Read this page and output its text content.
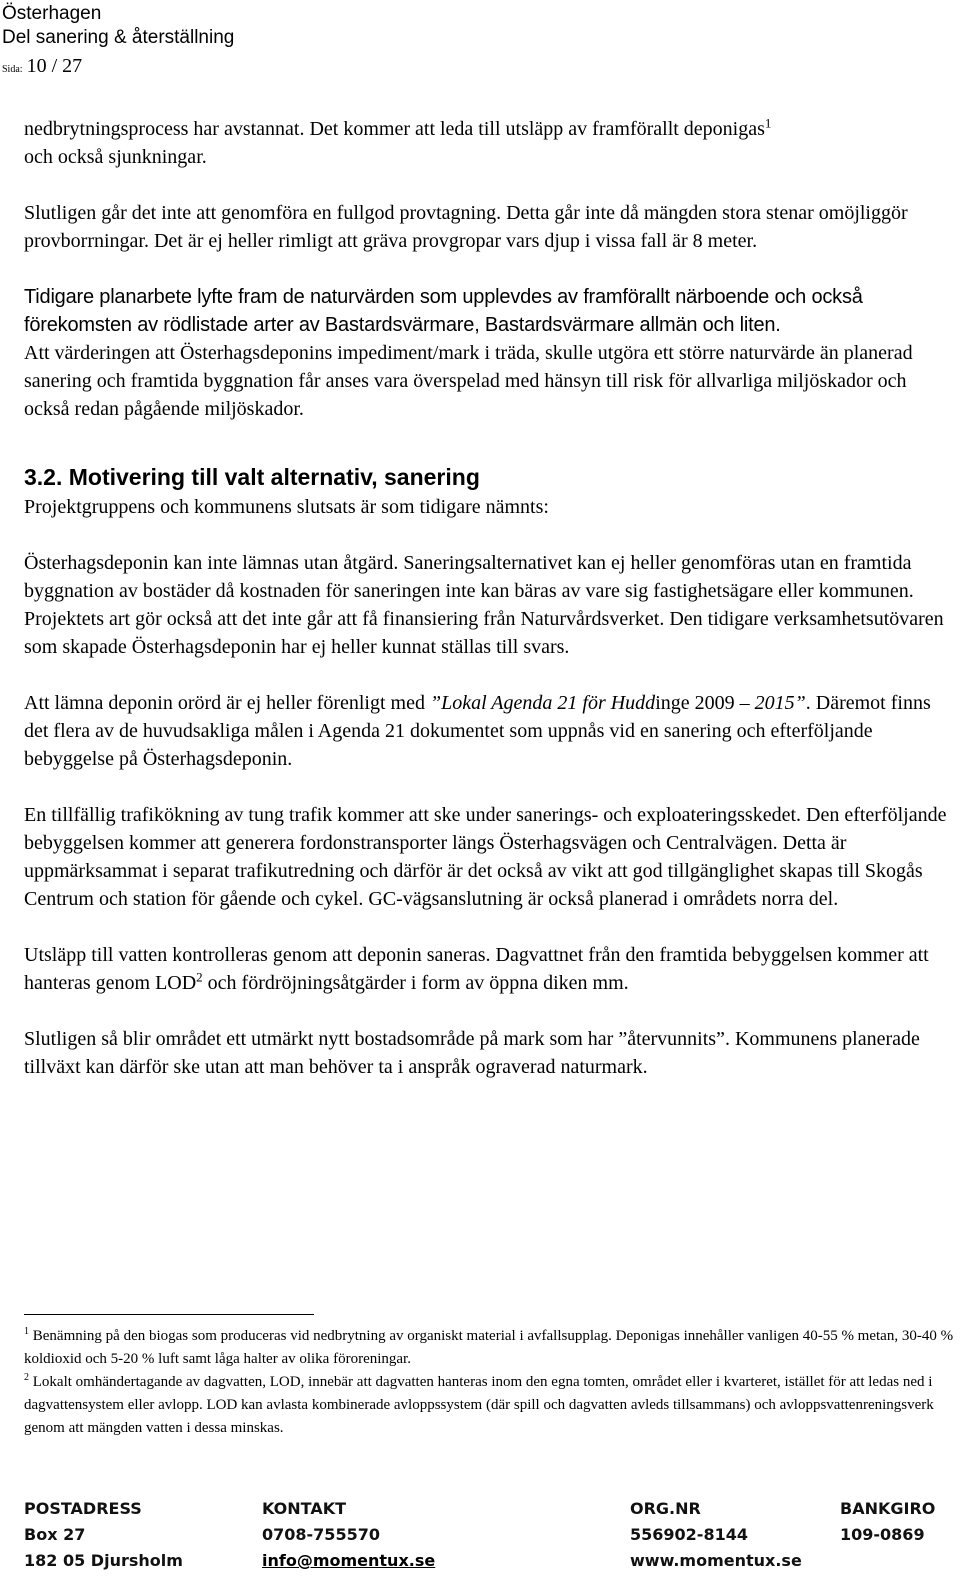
Österhagen
Del sanering & återställning
Sida: 10 / 27

nedbrytningsprocess har avstannat. Det kommer att leda till utsläpp av framförallt deponigas$^1$
och också sjunkningar.

Slutligen går det inte att genomföra en fullgod provtagning. Detta går inte då mängden stora stenar omöjliggör provborrningar. Det är ej heller rimligt att gräva provgropar vars djup i vissa fall är 8 meter.

Tidigare planarbete lyfte fram de naturvärden som upplevdes av framförallt närboende och också förekomsten av rödlistade arter av Bastardsvärmare, Bastardsvärmare allmän och liten.

Att värderingen att Österhagsdeponins impediment/mark i träda, skulle utgöra ett större naturvärde än planerad sanering och framtida byggnation får anses vara överspelad med hänsyn till risk för allvarliga miljöskador och också redan pågående miljöskador.

3.2. Motivering till valt alternativ, sanering

Projektgruppens och kommunens slutsats är som tidigare nämnts:

Österhagsdeponin kan inte lämnas utan åtgärd. Saneringsalternativet kan ej heller genomföras utan en framtida byggnation av bostäder då kostnaden för saneringen inte kan bäras av vare sig fastighetsägare eller kommunen. Projektets art gör också att det inte går att få finansiering från Naturvårdsverket. Den tidigare verksamhetsutövaren som skapade Österhagsdeponin har ej heller kunnat ställas till svars.

Att lämna deponin orörd är ej heller förenligt med ”Lokal Agenda 21 för Huddinge 2009 – 2015”. Däremot finns det flera av de huvudsakliga målen i Agenda 21 dokumentet som uppnås vid en sanering och efterföljande bebyggelse på Österhagsdeponin.

En tillfällig trafikökning av tung trafik kommer att ske under sanerings- och exploateringsskedet. Den efterföljande bebyggelsen kommer att generera fordonstransporter längs Österhagsvägen och Centralvägen. Detta är uppmärksammat i separat trafikutredning och därför är det också av vikt att god tillgänglighet skapas till Skogås Centrum och station för gående och cykel. GC-vägsanslutning är också planerad i områdets norra del.

Utsläpp till vatten kontrolleras genom att deponin saneras. Dagvattnet från den framtida bebyggelsen kommer att hanteras genom LOD$^2$ och fördröjningsåtgärder i form av öppna diken mm.

Slutligen så blir området ett utmärkt nytt bostadsområde på mark som har ”återvunnits”. Kommunens planerade tillväxt kan därför ske utan att man behöver ta i anspråk ograverad naturmark.

$^1$ Benämning på den biogas som produceras vid nedbrytning av organiskt material i avfallsupplag. Deponigas innehåller vanligen 40-55 % metan, 30-40 % koldioxid och 5-20 % luft samt låga halter av olika föroreningar.

$^2$ Lokalt omhändertagande av dagvatten, LOD, innebär att dagvatten hanteras inom den egna tomten, området eller i kvarteret, istället för att ledas ned i dagvattensystem eller avlopp. LOD kan avlasta kombinerade avloppssystem (där spill och dagvatten avleds tillsammans) och avloppsvattenreningsverk genom att mängden vatten i dessa minskas.

POSTADRESS
Box 27
182 05 Djursholm
KONTAKT
0708-755570
info@momentux.se
ORG.NR
556902-8144
www.momentux.se
BANKGIRO
109-0869
